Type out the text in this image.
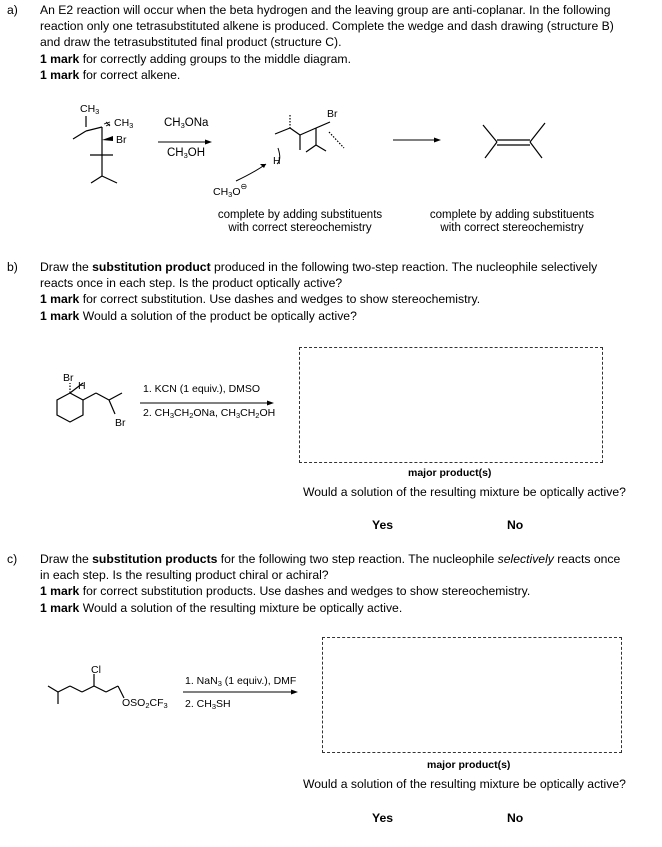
a) An E2 reaction will occur when the beta hydrogen and the leaving group are anti-coplanar. In the following

reaction only one tetrasubstituted alkene is produced. Complete the wedge and dash drawing (structure B)

and draw the tetrasubstituted final product (structure C).

1 mark for correctly adding groups to the middle diagram.

1 mark for correct alkene.

$CH_3$
$CH_3$
Br
$CH_3ONa$
$CH_3OH$
Br
H
$CH_3O^⊖$
complete by adding substituents
with correct stereochemistry
complete by adding substituents
with correct stereochemistry
b) Draw the substitution product produced in the following two-step reaction. The nucleophile selectively

reacts once in each step. Is the product optically active?

1 mark for correct substitution. Use dashes and wedges to show stereochemistry.

1 mark Would a solution of the product be optically active?

Br
H
Br
1. KCN (1 equiv.), DMSO
2. $CH_3CH_2ONa$, $CH_3CH_2OH$
major product(s)
Would a solution of the resulting mixture be optically active?
Yes	No
c) Draw the substitution products for the following two step reaction. The nucleophile selectively reacts once

in each step. Is the resulting product chiral or achiral?

1 mark for correct substitution products. Use dashes and wedges to show stereochemistry.

1 mark Would a solution of the resulting mixture be optically active.

Cl
$OSO_2CF_3$
1. NaN$_3$ (1 equiv.), DMF
2. $CH_3SH$
major product(s)
Would a solution of the resulting mixture be optically active?
Yes	No
